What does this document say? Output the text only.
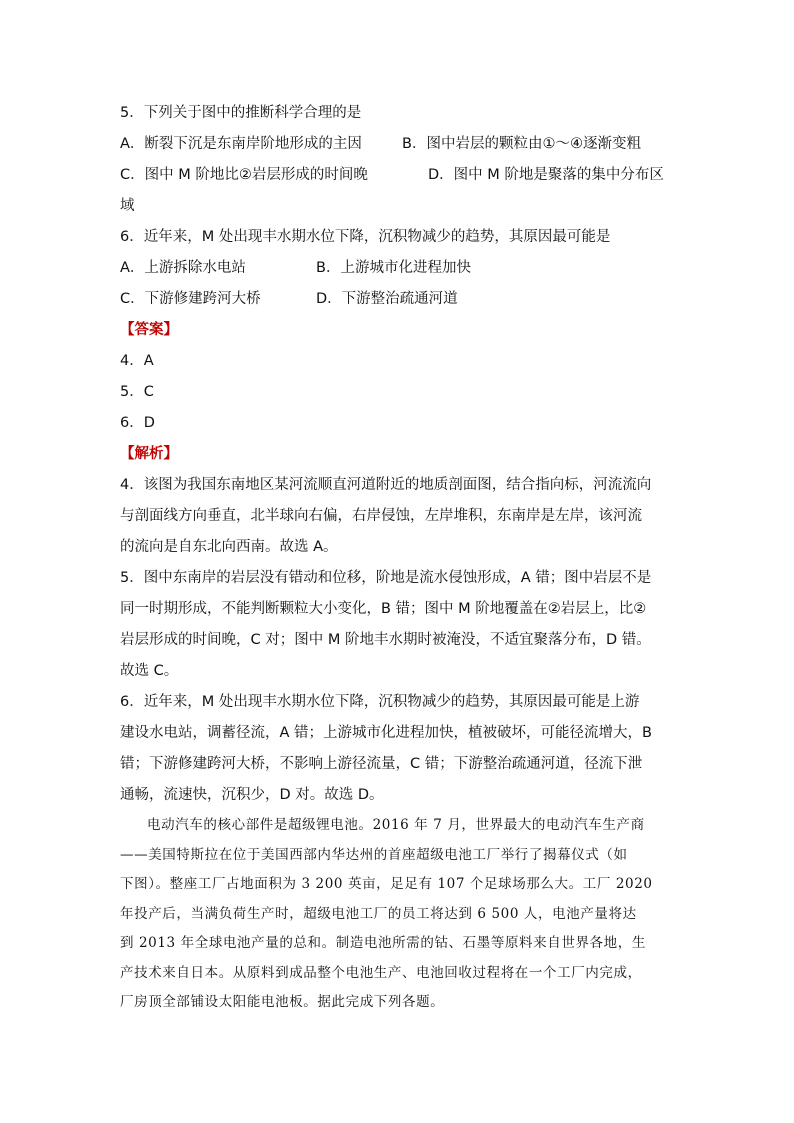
5．下列关于图中的推断科学合理的是
A．断裂下沉是东南岸阶地形成的主因	B．图中岩层的颗粒由①～④逐渐变粗
C．图中 M 阶地比②岩层形成的时间晚	D．图中 M 阶地是聚落的集中分布区
域
6．近年来，M 处出现丰水期水位下降，沉积物减少的趋势，其原因最可能是
A．上游拆除水电站	B．上游城市化进程加快
C．下游修建跨河大桥	D．下游整治疏通河道
【答案】
4．A
5．C
6．D
【解析】
4．该图为我国东南地区某河流顺直河道附近的地质剖面图，结合指向标，河流流向
与剖面线方向垂直，北半球向右偏，右岸侵蚀，左岸堆积，东南岸是左岸，该河流
的流向是自东北向西南。故选 A。
5．图中东南岸的岩层没有错动和位移，阶地是流水侵蚀形成，A 错；图中岩层不是
同一时期形成，不能判断颗粒大小变化，B 错；图中 M 阶地覆盖在②岩层上，比②
岩层形成的时间晚，C 对；图中 M 阶地丰水期时被淹没，不适宜聚落分布，D 错。
故选 C。
6．近年来，M 处出现丰水期水位下降，沉积物减少的趋势，其原因最可能是上游
建设水电站，调蓄径流，A 错；上游城市化进程加快，植被破坏，可能径流增大，B
错；下游修建跨河大桥，不影响上游径流量，C 错；下游整治疏通河道，径流下泄
通畅，流速快，沉积少，D 对。故选 D。
电动汽车的核心部件是超级锂电池。2016 年 7 月，世界最大的电动汽车生产商
——美国特斯拉在位于美国西部内华达州的首座超级电池工厂举行了揭幕仪式（如
下图）。整座工厂占地面积为 3 200 英亩，足足有 107 个足球场那么大。工厂 2020
年投产后，当满负荷生产时，超级电池工厂的员工将达到 6 500 人，电池产量将达
到 2013 年全球电池产量的总和。制造电池所需的钴、石墨等原料来自世界各地，生
产技术来自日本。从原料到成品整个电池生产、电池回收过程将在一个工厂内完成，
厂房顶全部铺设太阳能电池板。据此完成下列各题。
